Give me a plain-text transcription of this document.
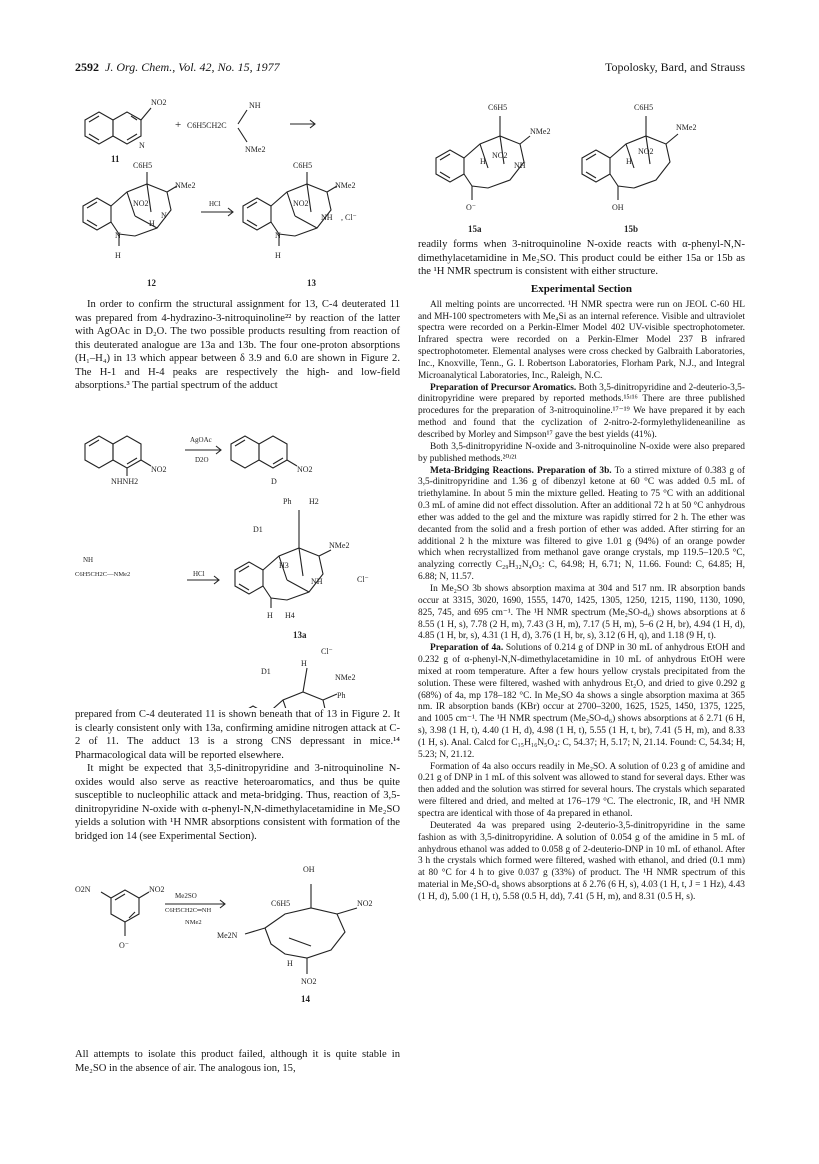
2592 J. Org. Chem., Vol. 42, No. 15, 1977	Topolosky, Bard, and Strauss
NO2
N
11
+ C6H5CH2C
NH
NMe2
C6H5
NMe2
NO2
N
H
N
H
12
HCl
C6H5
NMe2
NO2
NH , Cl⁻
N
H
13

In order to confirm the structural assignment for 13, C-4 deuterated 11 was prepared from 4-hydrazino-3-nitroquinoline²² by reaction of the latter with AgOAc in D₂O. The two possible products resulting from reaction of this deuterated analogue are 13a and 13b. The four one-proton absorptions (H₁–H₄) in 13 which appear between δ 3.9 and 6.0 are shown in Figure 2. The H-1 and H-4 peaks are respectively the high- and low-field absorptions.³ The partial spectrum of the adduct

NO2
NHNH2
AgOAc
D2O
NO2
D
NH
C6H5CH2C—NMe2	HCl
Ph H2
D1
NMe2
H3
NH	Cl⁻
H H4
13a
Cl⁻
H
NMe2
D1
Ph

prepared from C-4 deuterated 11 is shown beneath that of 13 in Figure 2. It is clearly consistent only with 13a, confirming amidine nitrogen attack at C-2 of 11. The adduct 13 is a strong CNS depressant in mice.¹⁴ Pharmacological data will be reported elsewhere.

It might be expected that 3,5-dinitropyridine and 3-nitroquinoline N-oxides would also serve as reactive heteroaromatics, and thus be quite susceptible to nucleophilic attack and meta-bridging. Thus, reaction of 3,5-dinitropyridine N-oxide with α-phenyl-N,N-dimethylacetamidine in Me₂SO yields a solution with ¹H NMR absorptions consistent with formation of the bridged ion 14 (see Experimental Section).

O2N	NO2
O⁻
Me2SO
C6H5CH2C═NH
NMe2
OH
C6H5	NO2
Me2N
H
NO2
14

All attempts to isolate this product failed, although it is quite stable in Me₂SO in the absence of air. The analogous ion, 15,

C6H5
NMe2
NO2
NH
H
O⁻
15a
C6H5
NMe2
NO2
H
OH
15b

readily forms when 3-nitroquinoline N-oxide reacts with α-phenyl-N,N-dimethylacetamidine in Me₂SO. This product could be either 15a or 15b as the ¹H NMR spectrum is consistent with either structure.

Experimental Section

All melting points are uncorrected. ¹H NMR spectra were run on JEOL C-60 HL and MH-100 spectrometers with Me₄Si as an internal reference. Visible and ultraviolet spectra were recorded on a Perkin-Elmer Model 402 UV-visible spectrophotometer. Infrared spectra were recorded on a Perkin-Elmer Model 237 B infrared spectrophotometer. Elemental analyses were cross checked by Galbraith Laboratories, Inc., Knoxville, Tenn., G. I. Robertson Laboratories, Florham Park, N.J., and Integral Microanalytical Laboratories, Inc., Raleigh, N.C.

Preparation of Precursor Aromatics. Both 3,5-dinitropyridine and 2-deuterio-3,5-dinitropyridine were prepared by reported methods.¹⁵ʴ¹⁶ There are three published procedures for the preparation of 3-nitroquinoline.¹⁷⁻¹⁹ We have prepared it by each method and found that the cyclization of 2-nitro-2-formylethylideneaniline as described by Morley and Simpson¹⁷ gave the best yields (41%).

Both 3,5-dinitropyridine N-oxide and 3-nitroquinoline N-oxide were also prepared by published methods.²⁰ʴ²¹

Meta-Bridging Reactions. Preparation of 3b. To a stirred mixture of 0.383 g of 3,5-dinitropyridine and 1.36 g of dibenzyl ketone at 60 °C was added 0.5 mL of triethylamine. In about 5 min the mixture gelled. Heating to 75 °C with an additional 0.3 mL of amine did not effect dissolution. After an additional 72 h at 50 °C anhydrous ether was added to the gel and the mixture was rapidly stirred for 2 h. The ether was decanted from the solid and a fresh portion of ether was added. After stirring for an additional 2 h the mixture was filtered to give 1.01 g (94%) of an orange powder which when recrystallized from methanol gave orange crystals, mp 119.5–120.5 °C, analyzing correctly C₂₉H₃₂N₄O₅: C, 64.98; H, 6.71; N, 11.66. Found: C, 64.85; H, 6.88; N, 11.57.

In Me₂SO 3b shows absorption maxima at 304 and 517 nm. IR absorption bands occur at 3315, 3020, 1690, 1555, 1470, 1425, 1305, 1250, 1215, 1190, 1130, 1090, 825, 745, and 695 cm⁻¹. The ¹H NMR spectrum (Me₂SO-d₆) shows absorptions at δ 8.55 (1 H, s), 7.78 (2 H, m), 7.43 (3 H, m), 7.17 (5 H, m), 5–6 (2 H, br), 4.94 (1 H, d), 4.85 (1 H, br, s), 4.31 (1 H, d), 3.76 (1 H, br, s), 3.12 (6 H, q), and 1.18 (9 H, t).

Preparation of 4a. Solutions of 0.214 g of DNP in 30 mL of anhydrous EtOH and 0.232 g of α-phenyl-N,N-dimethylacetamidine in 10 mL of anhydrous EtOH were mixed at room temperature. After a few hours yellow crystals precipitated from the solution. These were filtered, washed with anhydrous Et₂O, and dried to give 0.292 g (68%) of 4a, mp 178–182 °C. In Me₂SO 4a shows a single absorption maxima at 365 nm. IR absorption bands (KBr) occur at 2700–3200, 1625, 1525, 1450, 1375, 1225, and 1005 cm⁻¹. The ¹H NMR spectrum (Me₂SO-d₆) shows absorptions at δ 2.71 (6 H, s), 3.98 (1 H, t), 4.40 (1 H, d), 4.98 (1 H, t), 5.55 (1 H, t, br), 7.41 (5 H, m), and 8.33 (1 H, s). Anal. Calcd for C₁₅H₁₆N₅O₄: C, 54.37; H, 5.17; N, 21.14. Found: C, 54.34; H, 5.23; N, 21.12.

Formation of 4a also occurs readily in Me₂SO. A solution of 0.23 g of amidine and 0.21 g of DNP in 1 mL of this solvent was allowed to stand for several days. Ether was then added and the solution was stirred for several hours. The crystals which separated were filtered and dried, and melted at 176–179 °C. The electronic, IR, and ¹H NMR spectra are identical with those of 4a prepared in ethanol.

Deuterated 4a was prepared using 2-deuterio-3,5-dinitropyridine in the same fashion as with 3,5-dinitropyridine. A solution of 0.054 g of the amidine in 5 mL of anhydrous ethanol was added to 0.058 g of 2-deuterio-DNP in 10 mL of ethanol. After 3 h the crystals which formed were filtered, washed with ethanol, and dried (0.1 mm) at 80 °C for 4 h to give 0.037 g (33%) of product. The ¹H NMR spectrum of this material in Me₂SO-d₆ shows absorptions at δ 2.76 (6 H, s), 4.03 (1 H, t, J = 1 Hz), 4.43 (1 H, d), 5.00 (1 H, t), 5.58 (0.5 H, dd), 7.41 (5 H, m), and 8.31 (0.5 H, s).
